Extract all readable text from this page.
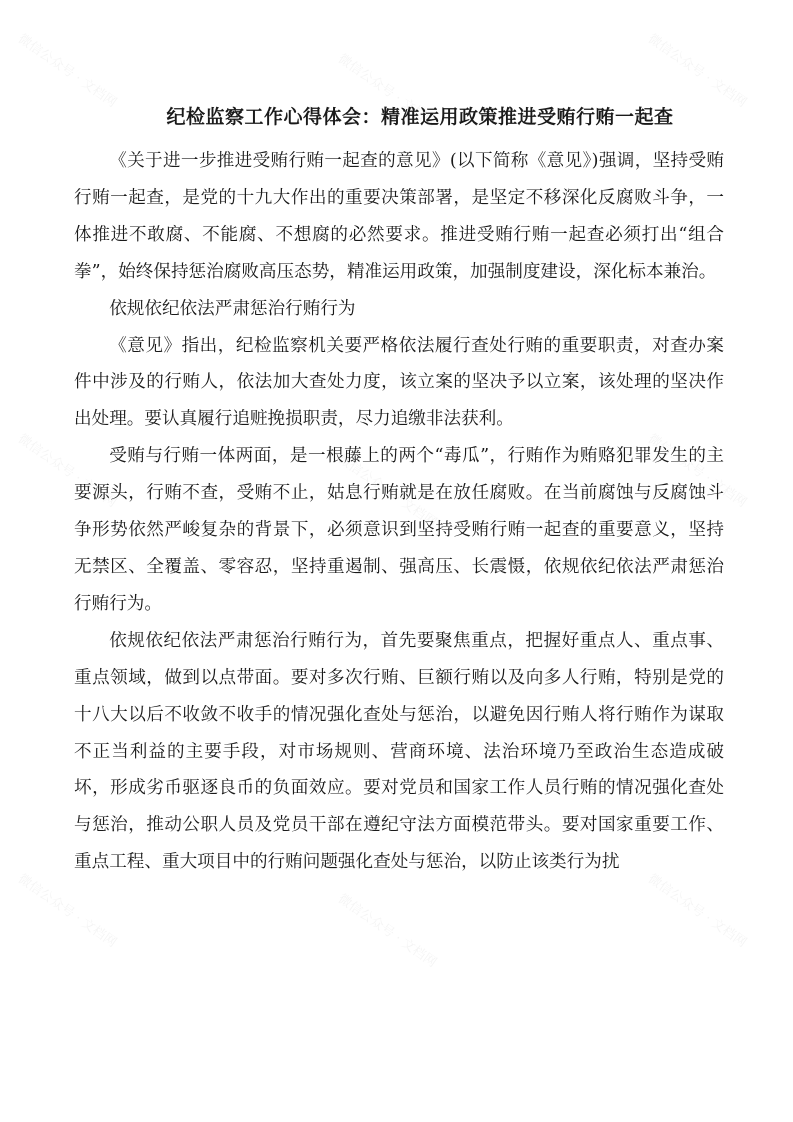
微信公众号 · 文档网	微信公众号 · 文档网	微信公众号 · 文档网
微信公众号 · 文档网	微信公众号 · 文档网	微信公众号 · 文档网
微信公众号 · 文档网	微信公众号 · 文档网	微信公众号 · 文档网
纪检监察工作心得体会：精准运用政策推进受贿行贿一起查

《关于进一步推进受贿行贿一起查的意见》(以下简称《意见》)强调，坚持受贿行贿一起查，是党的十九大作出的重要决策部署，是坚定不移深化反腐败斗争，一体推进不敢腐、不能腐、不想腐的必然要求。推进受贿行贿一起查必须打出“组合拳”，始终保持惩治腐败高压态势，精准运用政策，加强制度建设，深化标本兼治。

依规依纪依法严肃惩治行贿行为

《意见》指出，纪检监察机关要严格依法履行查处行贿的重要职责，对查办案件中涉及的行贿人，依法加大查处力度，该立案的坚决予以立案，该处理的坚决作出处理。要认真履行追赃挽损职责，尽力追缴非法获利。

受贿与行贿一体两面，是一根藤上的两个“毒瓜”，行贿作为贿赂犯罪发生的主要源头，行贿不查，受贿不止，姑息行贿就是在放任腐败。在当前腐蚀与反腐蚀斗争形势依然严峻复杂的背景下，必须意识到坚持受贿行贿一起查的重要意义，坚持无禁区、全覆盖、零容忍，坚持重遏制、强高压、长震慑，依规依纪依法严肃惩治行贿行为。

依规依纪依法严肃惩治行贿行为，首先要聚焦重点，把握好重点人、重点事、重点领域，做到以点带面。要对多次行贿、巨额行贿以及向多人行贿，特别是党的十八大以后不收敛不收手的情况强化查处与惩治，以避免因行贿人将行贿作为谋取不正当利益的主要手段，对市场规则、营商环境、法治环境乃至政治生态造成破坏，形成劣币驱逐良币的负面效应。要对党员和国家工作人员行贿的情况强化查处与惩治，推动公职人员及党员干部在遵纪守法方面模范带头。要对国家重要工作、重点工程、重大项目中的行贿问题强化查处与惩治，以防止该类行为扰
